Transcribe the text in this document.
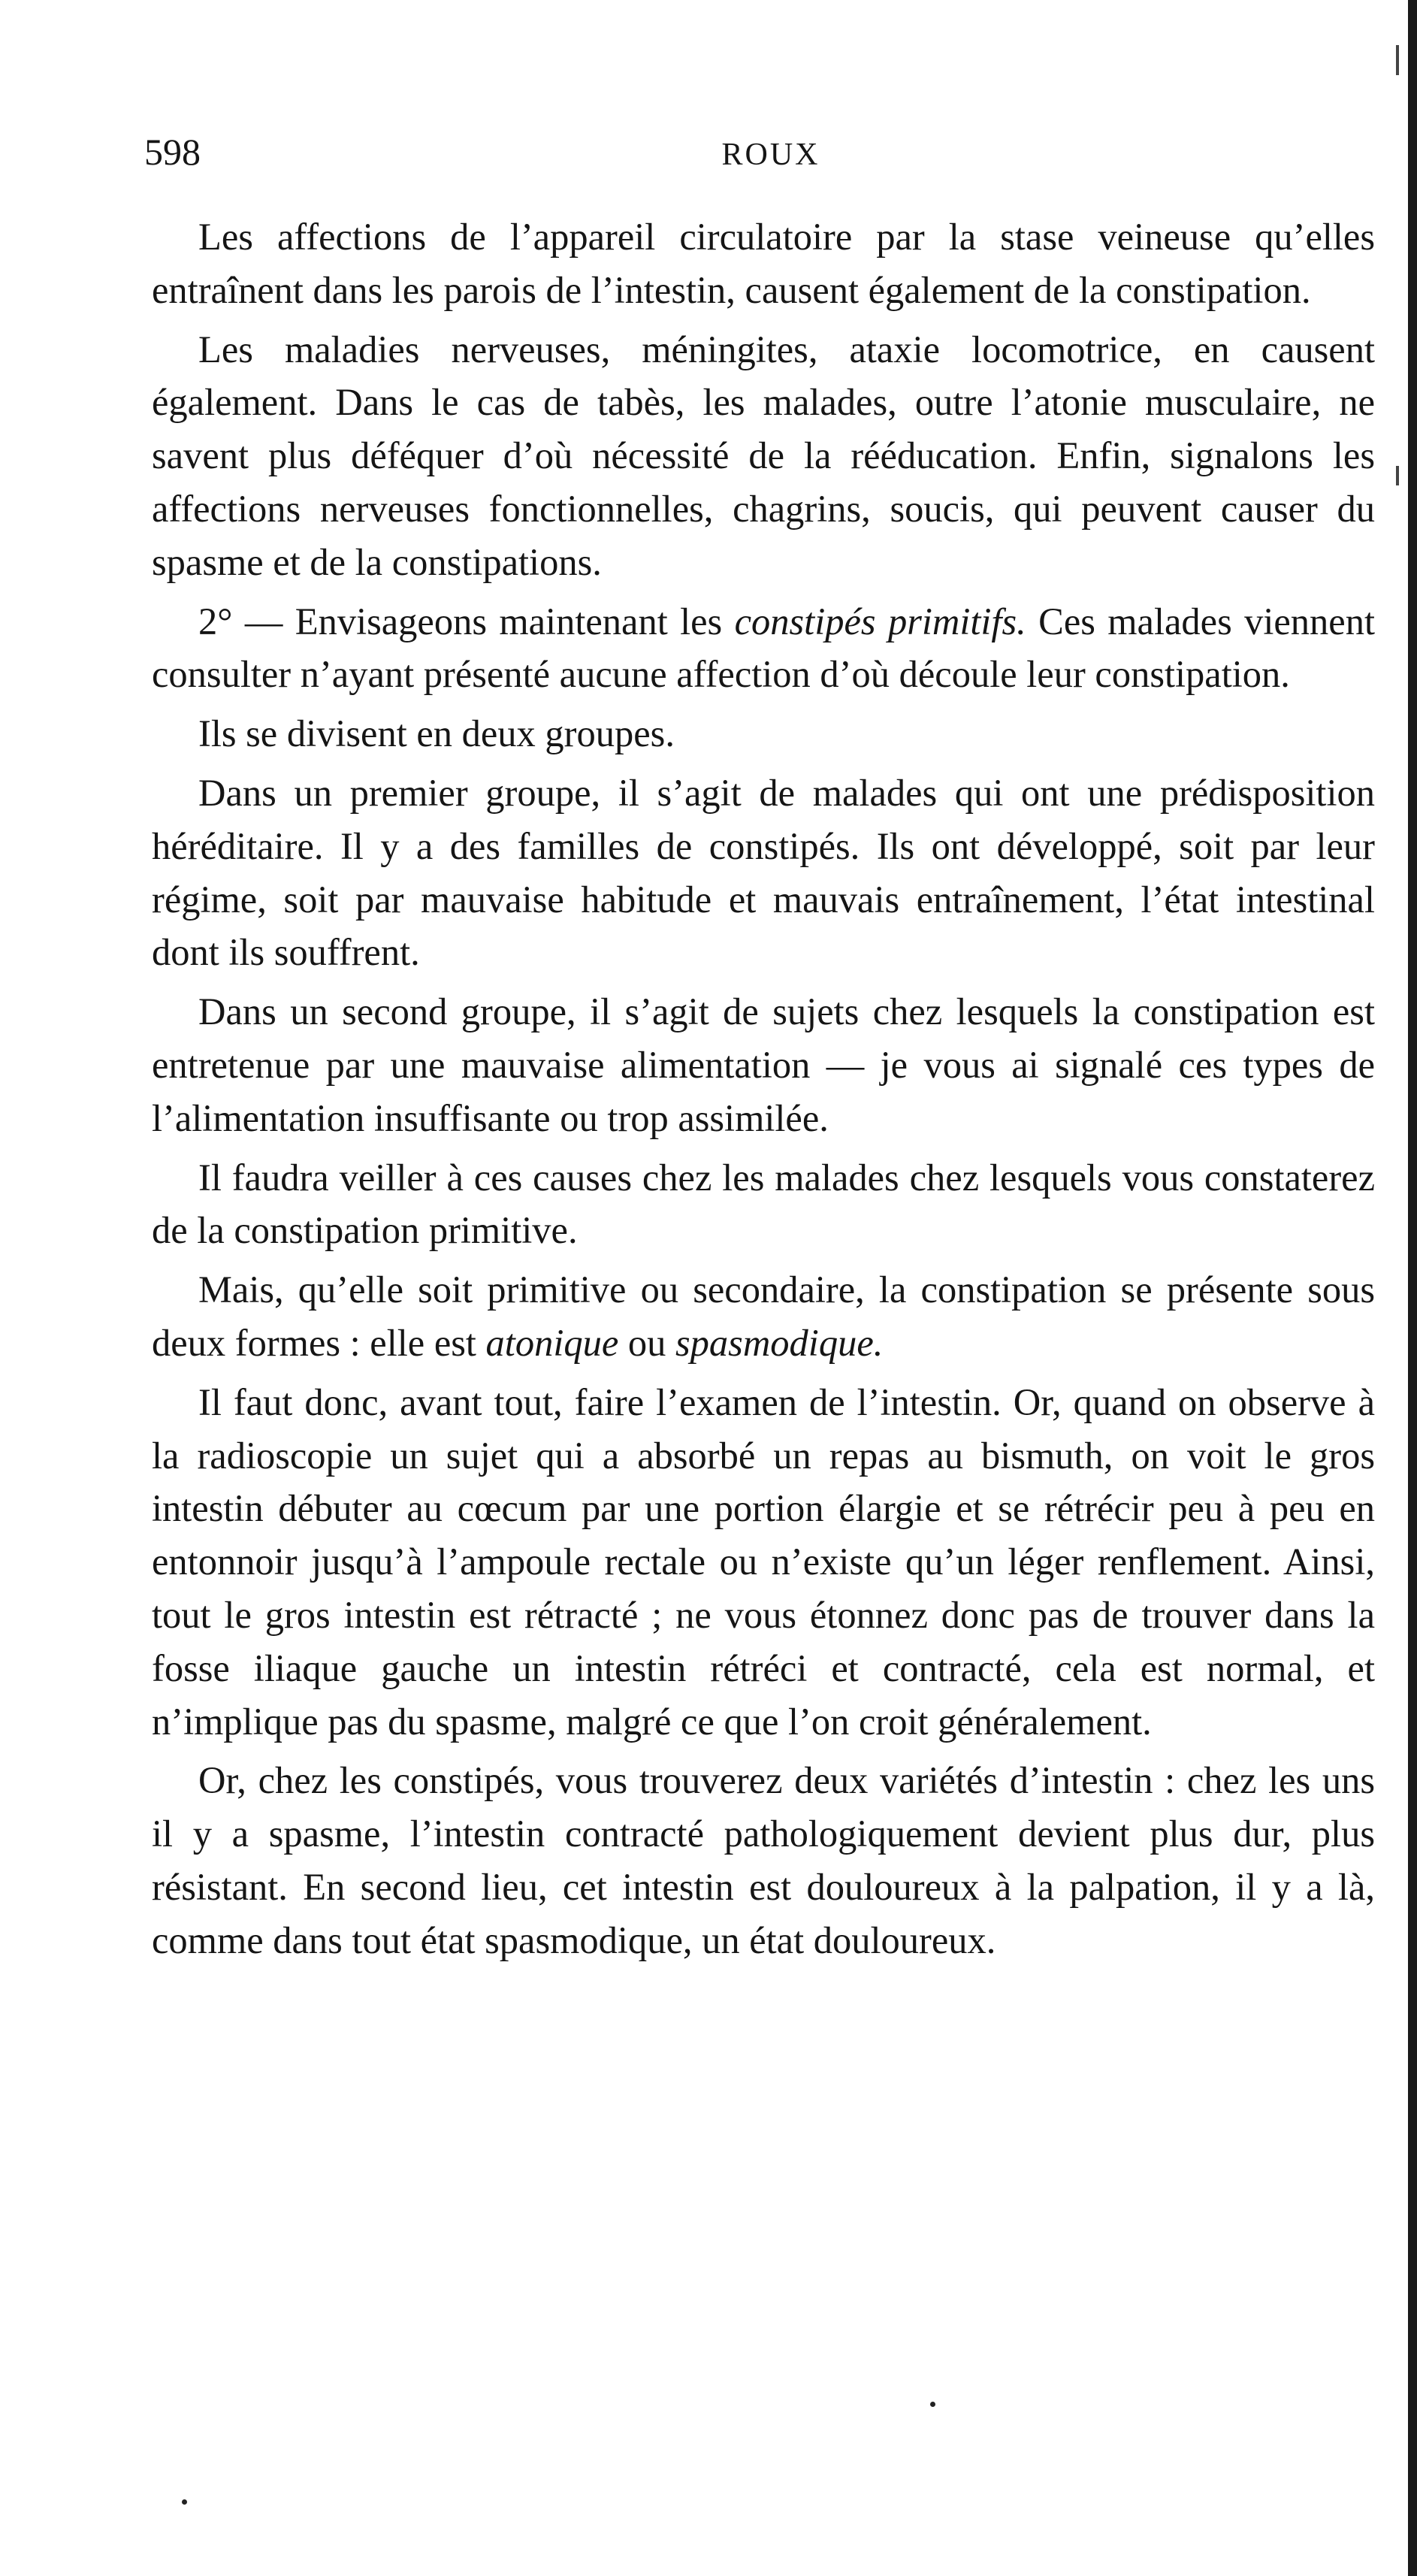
598	ROUX

Les affections de l’appareil circulatoire par la stase veineuse qu’elles entraînent dans les parois de l’intestin, causent également de la constipation.

Les maladies nerveuses, méningites, ataxie locomotrice, en causent également. Dans le cas de tabès, les malades, outre l’atonie musculaire, ne savent plus déféquer d’où nécessité de la rééducation. Enfin, signalons les affections nerveuses fonctionnelles, chagrins, soucis, qui peuvent causer du spasme et de la constipations.

2° — Envisageons maintenant les constipés primitifs. Ces malades viennent consulter n’ayant présenté aucune affection d’où découle leur constipation.

Ils se divisent en deux groupes.

Dans un premier groupe, il s’agit de malades qui ont une prédisposition héréditaire. Il y a des familles de constipés. Ils ont développé, soit par leur régime, soit par mauvaise habitude et mauvais entraînement, l’état intestinal dont ils souffrent.

Dans un second groupe, il s’agit de sujets chez lesquels la constipation est entretenue par une mauvaise alimentation — je vous ai signalé ces types de l’alimentation insuffisante ou trop assimilée.

Il faudra veiller à ces causes chez les malades chez lesquels vous constaterez de la constipation primitive.

Mais, qu’elle soit primitive ou secondaire, la constipation se présente sous deux formes : elle est atonique ou spasmodique.

Il faut donc, avant tout, faire l’examen de l’intestin. Or, quand on observe à la radioscopie un sujet qui a absorbé un repas au bismuth, on voit le gros intestin débuter au cœcum par une portion élargie et se rétrécir peu à peu en entonnoir jusqu’à l’ampoule rectale ou n’existe qu’un léger renflement. Ainsi, tout le gros intestin est rétracté ; ne vous étonnez donc pas de trouver dans la fosse iliaque gauche un intestin rétréci et contracté, cela est normal, et n’implique pas du spasme, malgré ce que l’on croit généralement.

Or, chez les constipés, vous trouverez deux variétés d’intestin : chez les uns il y a spasme, l’intestin contracté pathologiquement devient plus dur, plus résistant. En second lieu, cet intestin est douloureux à la palpation, il y a là, comme dans tout état spasmodique, un état douloureux.
